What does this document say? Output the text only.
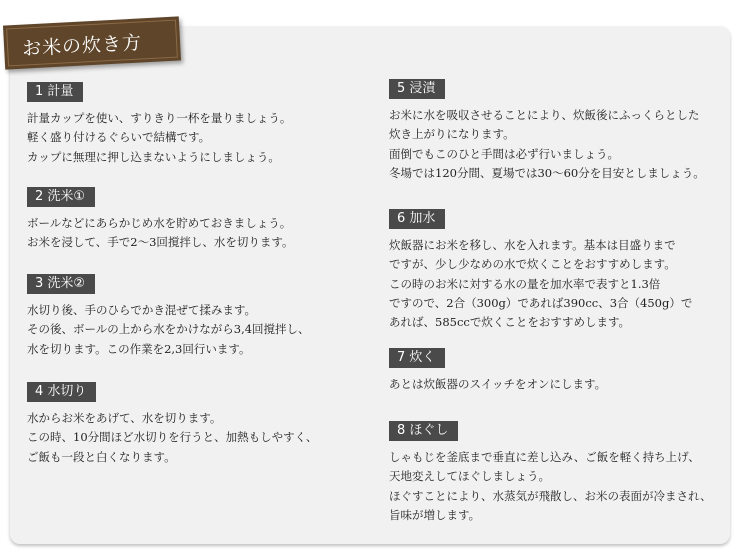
お米の炊き方
1 計量
計量カップを使い、すりきり一杯を量りましょう。
軽く盛り付けるぐらいで結構です。
カップに無理に押し込まないようにしましょう。
2 洗米①
ボールなどにあらかじめ水を貯めておきましょう。
お米を浸して、手で2～3回撹拌し、水を切ります。
3 洗米②
水切り後、手のひらでかき混ぜて揉みます。
その後、ボールの上から水をかけながら3,4回撹拌し、
水を切ります。この作業を2,3回行います。
4 水切り
水からお米をあげて、水を切ります。
この時、10分間ほど水切りを行うと、加熱もしやすく、
ご飯も一段と白くなります。
5 浸漬
お米に水を吸収させることにより、炊飯後にふっくらとした
炊き上がりになります。
面倒でもこのひと手間は必ず行いましょう。
冬場では120分間、夏場では30～60分を目安としましょう。
6 加水
炊飯器にお米を移し、水を入れます。基本は目盛りまで
ですが、少し少なめの水で炊くことをおすすめします。
この時のお米に対する水の量を加水率で表すと1.3倍
ですので、2合（300g）であれば390cc、3合（450g）で
あれば、585ccで炊くことをおすすめします。
7 炊く
あとは炊飯器のスイッチをオンにします。
8 ほぐし
しゃもじを釜底まで垂直に差し込み、ご飯を軽く持ち上げ、
天地変えしてほぐしましょう。
ほぐすことにより、水蒸気が飛散し、お米の表面が冷まされ、
旨味が増します。
